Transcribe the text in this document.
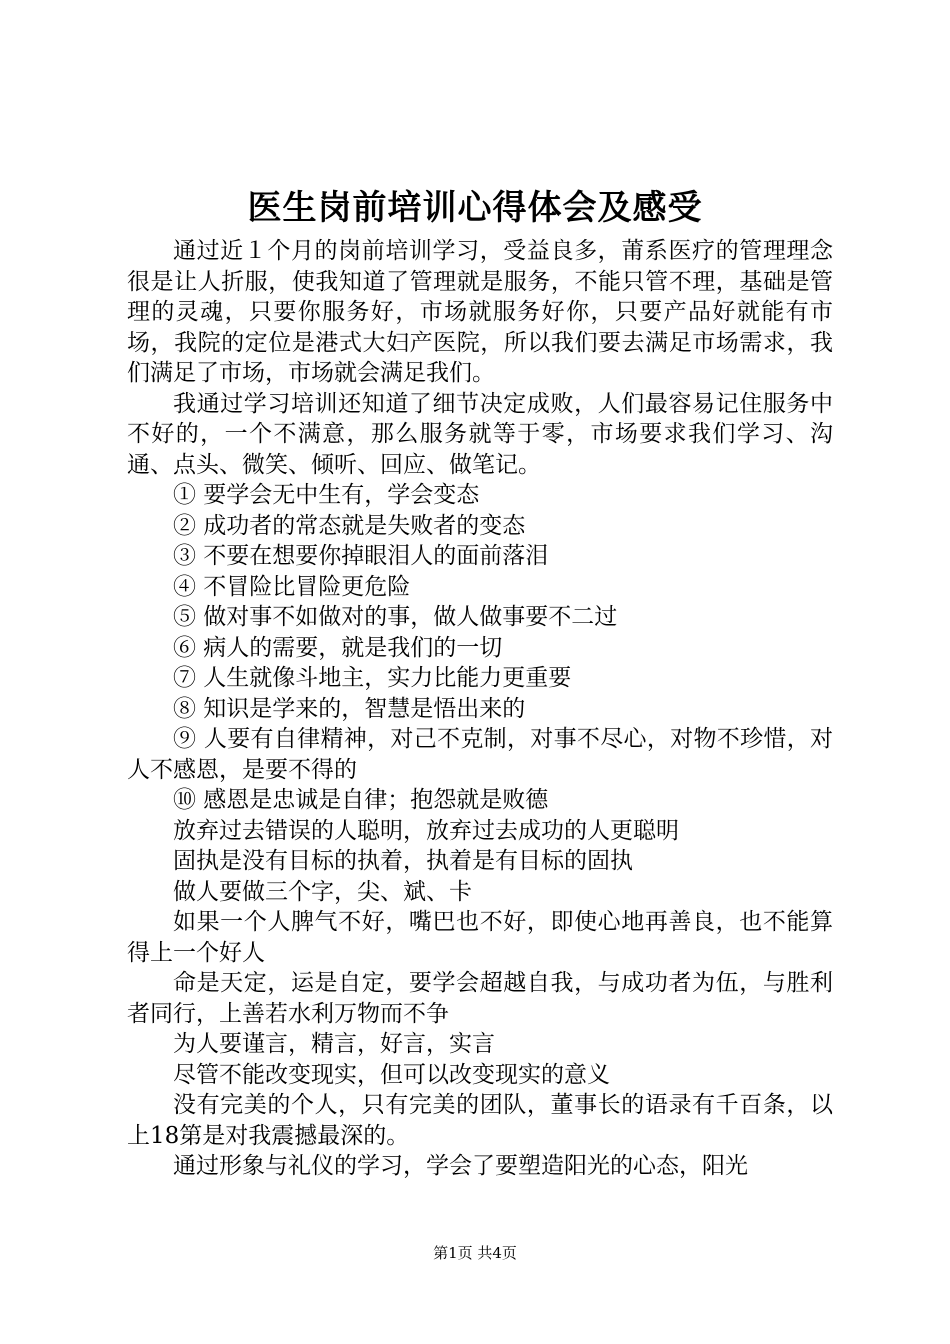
医生岗前培训心得体会及感受

通过近１个月的岗前培训学习，受益良多，莆系医疗的管理理念很是让人折服，使我知道了管理就是服务，不能只管不理，基础是管理的灵魂，只要你服务好，市场就服务好你，只要产品好就能有市场，我院的定位是港式大妇产医院，所以我们要去满足市场需求，我们满足了市场，市场就会满足我们。

我通过学习培训还知道了细节决定成败，人们最容易记住服务中不好的，一个不满意，那么服务就等于零，市场要求我们学习、沟通、点头、微笑、倾听、回应、做笔记。

① 要学会无中生有，学会变态

② 成功者的常态就是失败者的变态

③ 不要在想要你掉眼泪人的面前落泪

④ 不冒险比冒险更危险

⑤ 做对事不如做对的事，做人做事要不二过

⑥ 病人的需要，就是我们的一切

⑦ 人生就像斗地主，实力比能力更重要

⑧ 知识是学来的，智慧是悟出来的

⑨ 人要有自律精神，对己不克制，对事不尽心，对物不珍惜，对人不感恩，是要不得的

⑩ 感恩是忠诚是自律；抱怨就是败德

放弃过去错误的人聪明，放弃过去成功的人更聪明

固执是没有目标的执着，执着是有目标的固执

做人要做三个字，尖、斌、卡

如果一个人脾气不好，嘴巴也不好，即使心地再善良，也不能算得上一个好人

命是天定，运是自定，要学会超越自我，与成功者为伍，与胜利者同行，上善若水利万物而不争

为人要谨言，精言，好言，实言

尽管不能改变现实，但可以改变现实的意义

没有完美的个人，只有完美的团队，董事长的语录有千百条，以上18第是对我震撼最深的。

通过形象与礼仪的学习，学会了要塑造阳光的心态，阳光

第1页 共4页
